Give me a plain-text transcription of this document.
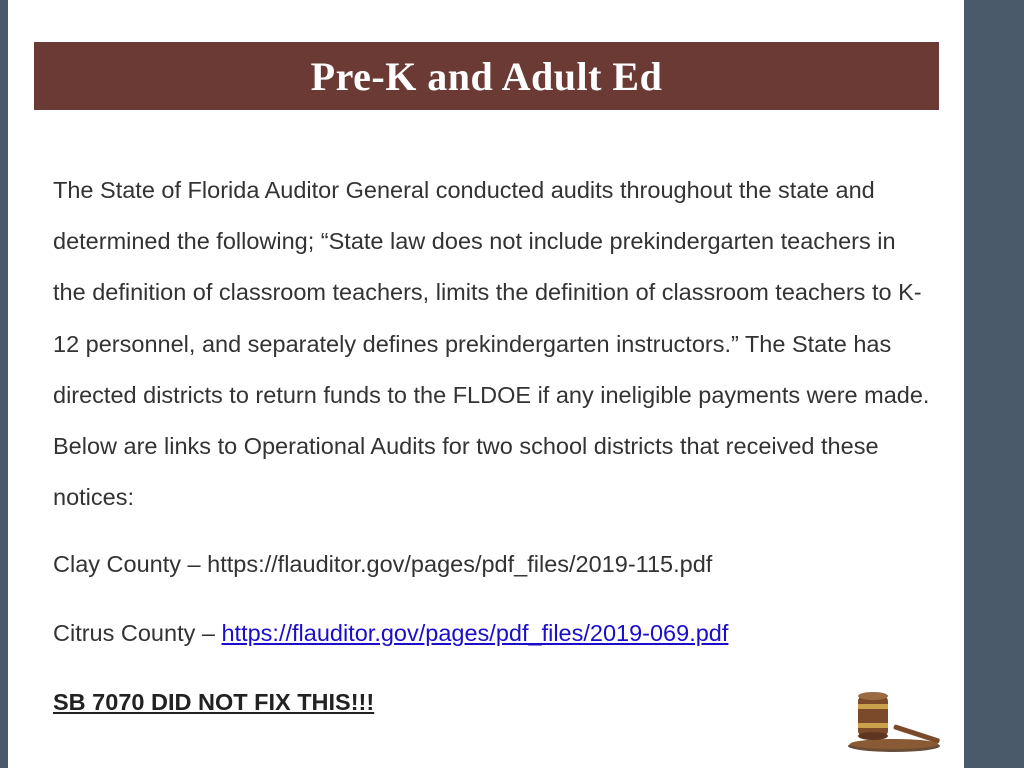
Pre-K and Adult Ed

The State of Florida Auditor General conducted audits throughout the state and determined the following; “State law does not include prekindergarten teachers in the definition of classroom teachers, limits the definition of classroom teachers to K-12 personnel, and separately defines prekindergarten instructors.” The State has directed districts to return funds to the FLDOE if any ineligible payments were made. Below are links to Operational Audits for two school districts that received these notices:

Clay County – https://flauditor.gov/pages/pdf_files/2019-115.pdf

Citrus County – https://flauditor.gov/pages/pdf_files/2019-069.pdf

SB 7070 DID NOT FIX THIS!!!
